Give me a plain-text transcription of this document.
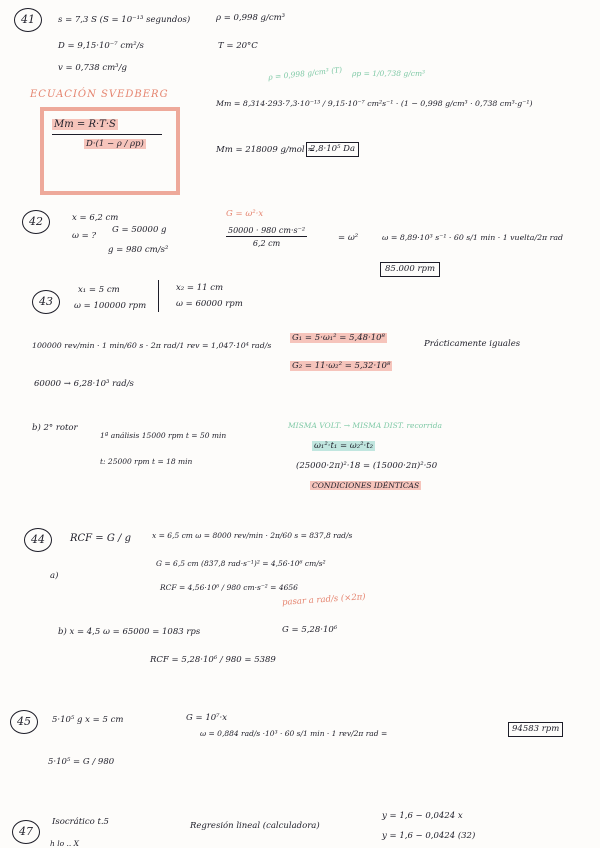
41	s = 7,3 S (S = 10⁻¹³ segundos)	ρ = 0,998 g/cm³
D = 9,15·10⁻⁷ cm²/s	T = 20°C
v = 0,738 cm³/g
ECUACIÓN SVEDBERG
Mm = R·T·S
D·(1 − ρ / ρp)
ρ = 0,998 g/cm³ (T) ρp = 1/0,738 g/cm³
Mm = 8,314·293·7,3·10⁻¹³ / 9,15·10⁻⁷ cm²s⁻¹ · (1 − 0,998 g/cm³ · 0,738 cm³·g⁻¹)
Mm = 218009 g/mol ≈
2,8·10⁵ Da
42	x = 6,2 cm
ω = ?
G = 50000 g
g = 980 cm/s²
G = ω²·x
$\frac{\text{50000 · 980 cm·s⁻²}}{6,2 cm}$	= ω²	ω = 8,89·10³ s⁻¹ · 60 s/1 min · 1 vuelta/2π rad
85.000 rpm
43
x₁ = 5 cm
ω = 100000 rpm
x₂ = 11 cm
ω = 60000 rpm
100000 rev/min · 1 min/60 s · 2π rad/1 rev = 1,047·10⁴ rad/s
60000 → 6,28·10³ rad/s
G₁ = 5·ω₁² = 5,48·10⁸
G₂ = 11·ω₂² = 5,32·10⁸
Prácticamente iguales
b) 2° rotor
1ª análisis 15000 rpm t = 50 min
t: 25000 rpm t = 18 min
MISMA VOLT. → MISMA DIST. recorrida
ω₁²·t₁ = ω₂²·t₂
(25000·2π)²·18 = (15000·2π)²·50
CONDICIONES IDÉNTICAS
44	RCF = G / g
a)
x = 6,5 cm ω = 8000 rev/min · 2π/60 s = 837,8 rad/s
G = 6,5 cm (837,8 rad·s⁻¹)² = 4,56·10⁶ cm/s²
RCF = 4,56·10⁶ / 980 cm·s⁻² = 4656
b) x = 4,5 ω = 65000 = 1083 rps
pasar a rad/s (×2π)
G = 5,28·10⁶
RCF = 5,28·10⁶ / 980 = 5389
45	5·10⁵ g x = 5 cm	G = 10⁷·x
ω = 0,884 rad/s ·10³ · 60 s/1 min · 1 rev/2π rad =	94583 rpm
5·10⁵ = G / 980
47
Isocrático t.5	Regresión lineal (calculadora)
y = 1,6 − 0,0424 x
y = 1,6 − 0,0424 (32)
h lo .. X
